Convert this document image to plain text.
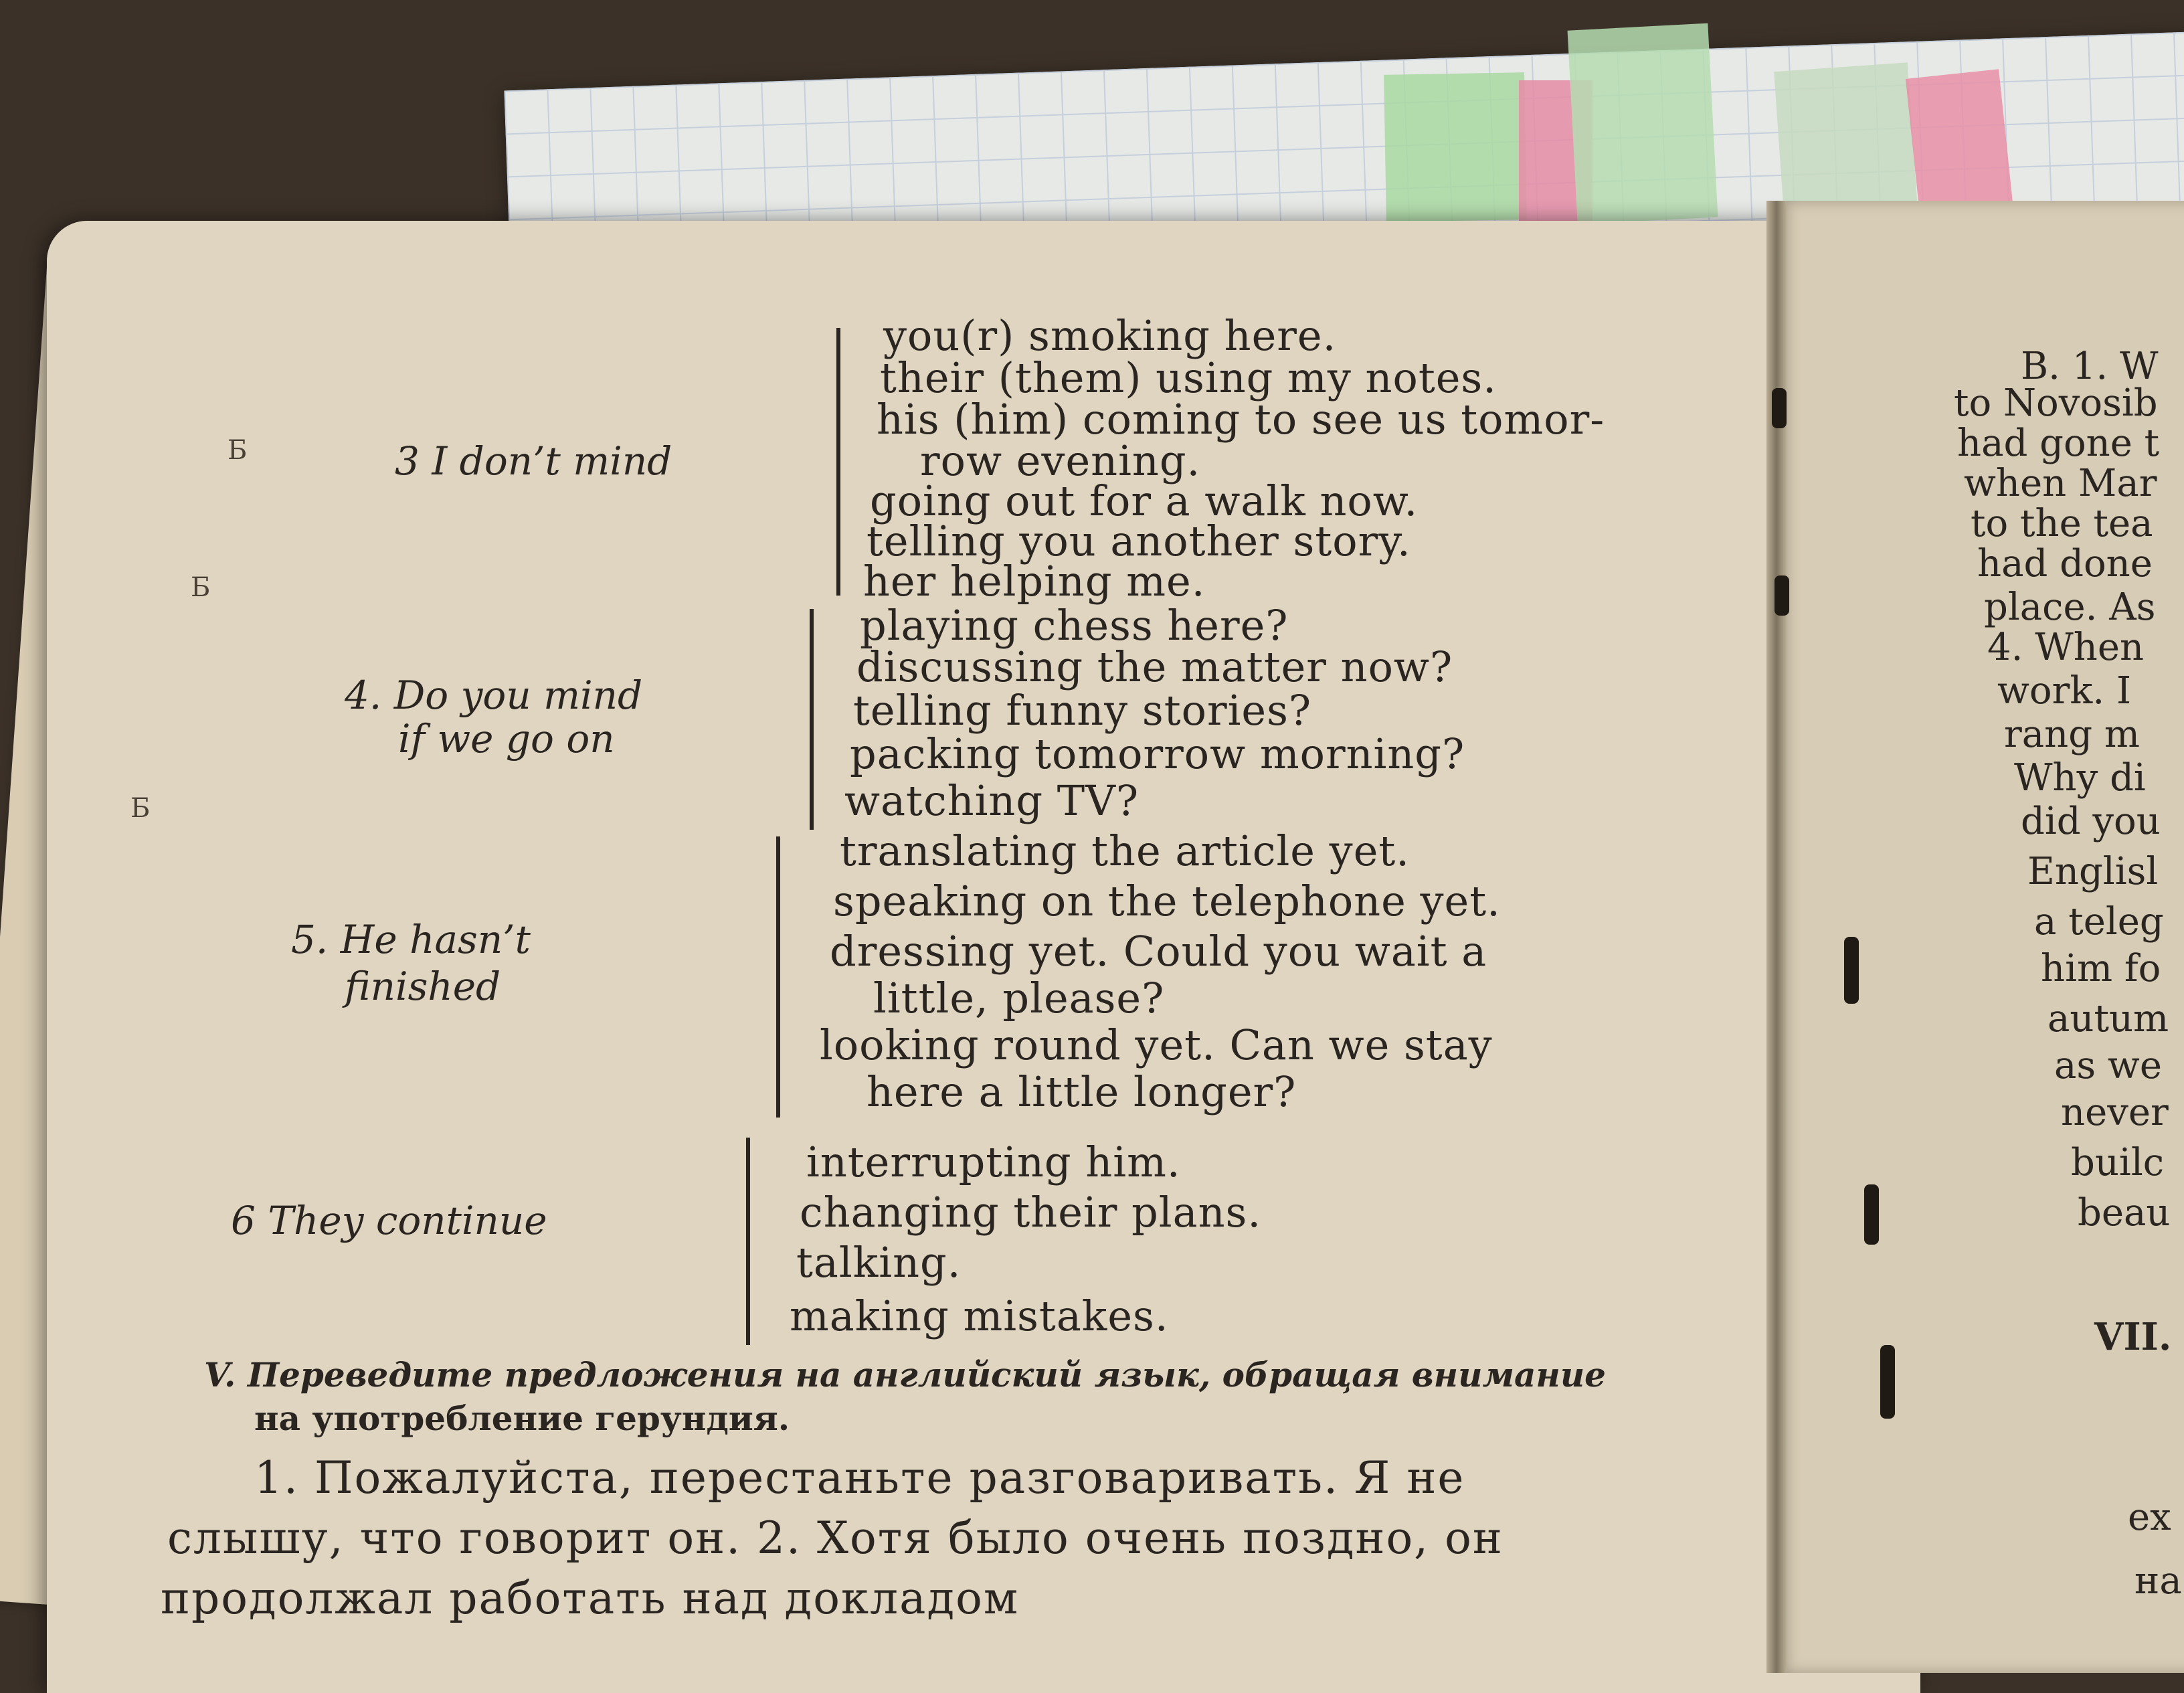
Б
Б
Б
3 I don’t mind
you(r) smoking here.
their (them) using my notes.
his (him) coming to see us tomor-
row evening.
going out for a walk now.
telling you another story.
her helping me.
4. Do you mind
if we go on
playing chess here?
discussing the matter now?
telling funny stories?
packing tomorrow morning?
watching TV?
5. He hasn’t
finished
translating the article yet.
speaking on the telephone yet.
dressing yet. Could you wait a
little, please?
looking round yet. Can we stay
here a little longer?
6 They continue
interrupting him.
changing their plans.
talking.
making mistakes.
V. Переведите предложения на английский язык, обращая внимание
на употребление герундия.
1. Пожалуйста, перестаньте разговаривать. Я не
слышу, что говорит он. 2. Хотя было очень поздно, он
продолжал работать над докладом
B. 1. W
to Novosib
had gone t
when Mar
to the tea
had done
place. As
4. When
work. I
rang m
Why di
did you
Englisl
a teleg
him fo
autum
as we
never
builc
beau
VII.
ex
на
